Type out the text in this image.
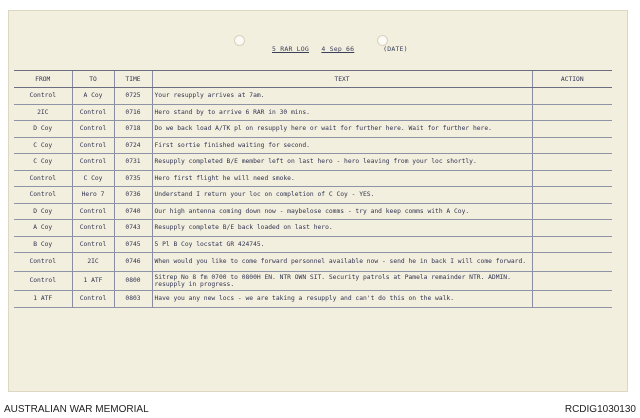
5 RAR LOG 4 Sep 66	(DATE)
FROM	TO	TIME	TEXT	ACTION
Control	A Coy	0725	Your resupply arrives at 7am.	
2IC	Control	0716	Hero stand by to arrive 6 RAR in 30 mins.	
D Coy	Control	0718	Do we back load A/TK pl on resupply here or wait for further here. Wait for further here.	
C Coy	Control	0724	First sortie finished waiting for second.	
C Coy	Control	0731	Resupply completed B/E member left on last hero - hero leaving from your loc shortly.	
Control	C Coy	0735	Hero first flight he will need smoke.	
Control	Hero 7	0736	Understand I return your loc on completion of C Coy - YES.	
D Coy	Control	0740	Our high antenna coming down now - maybelose comms - try and keep comms with A Coy.	
A Coy	Control	0743	Resupply complete B/E back loaded on last hero.	
B Coy	Control	0745	5 Pl B Coy locstat GR 424745.	
Control	2IC	0746	When would you like to come forward personnel available now - send he in back I will come forward.	
Control	1 ATF	0800	Sitrep No 8 fm 0700 to 0800H EN. NTR OWN SIT. Security patrols at Pamela remainder NTR. ADMIN. resupply in progress.	
1 ATF	Control	0803	Have you any new locs - we are taking a resupply and can't do this on the walk.	
AUSTRALIAN WAR MEMORIAL	RCDIG1030130
